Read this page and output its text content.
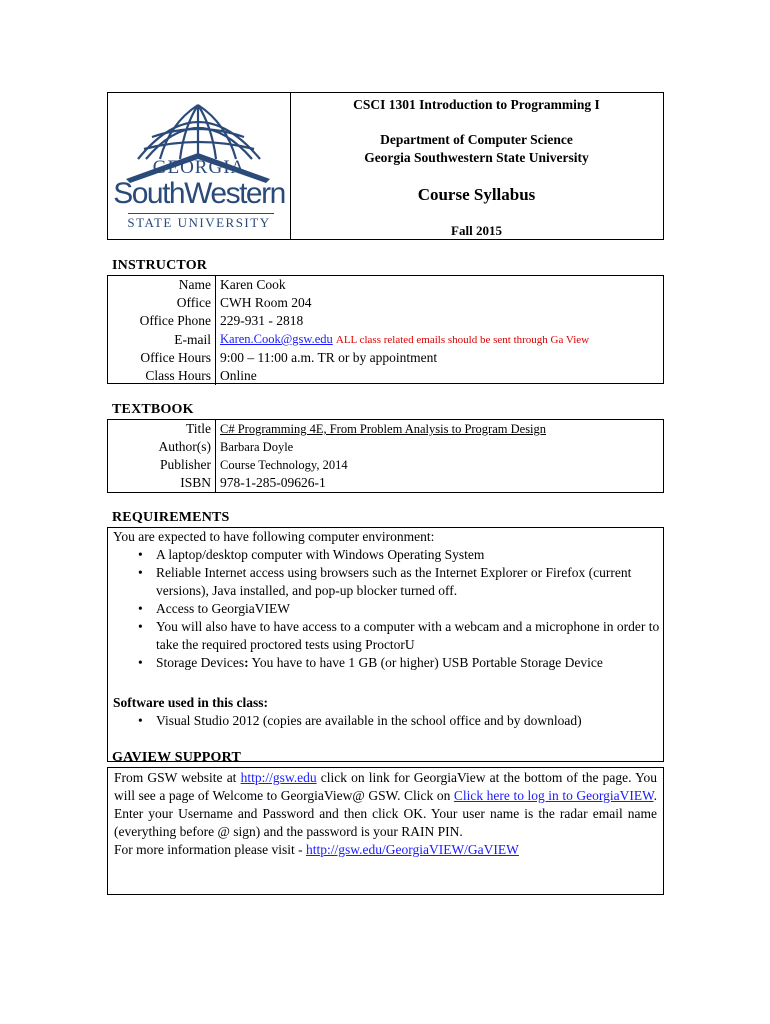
GEORGIA
SouthWestern
STATE UNIVERSITY
CSCI 1301 Introduction to Programming I
Department of Computer Science
Georgia Southwestern State University
Course Syllabus
Fall 2015
INSTRUCTOR
Name	Karen Cook
Office	CWH Room 204
Office Phone	229-931 - 2818
E-mail	Karen.Cook@gsw.edu ALL class related emails should be sent through Ga View
Office Hours	9:00 – 11:00 a.m. TR or by appointment
Class Hours	Online
TEXTBOOK
Title	C# Programming 4E, From Problem Analysis to Program Design
Author(s)	Barbara Doyle
Publisher	Course Technology, 2014
ISBN	978-1-285-09626-1
REQUIREMENTS
You are expected to have following computer environment:
• A laptop/desktop computer with Windows Operating System
• Reliable Internet access using browsers such as the Internet Explorer or Firefox (current versions), Java installed, and pop-up blocker turned off.
• Access to GeorgiaVIEW
• You will also have to have access to a computer with a webcam and a microphone in order to take the required proctored tests using ProctorU
• Storage Devices: You have to have 1 GB (or higher) USB Portable Storage Device
Software used in this class:
• Visual Studio 2012 (copies are available in the school office and by download)
GAVIEW SUPPORT
From GSW website at http://gsw.edu click on link for GeorgiaView at the bottom of the page. You will see a page of Welcome to GeorgiaView@ GSW. Click on Click here to log in to GeorgiaVIEW. Enter your Username and Password and then click OK. Your user name is the radar email name (everything before @ sign) and the password is your RAIN PIN.
For more information please visit - http://gsw.edu/GeorgiaVIEW/GaVIEW
